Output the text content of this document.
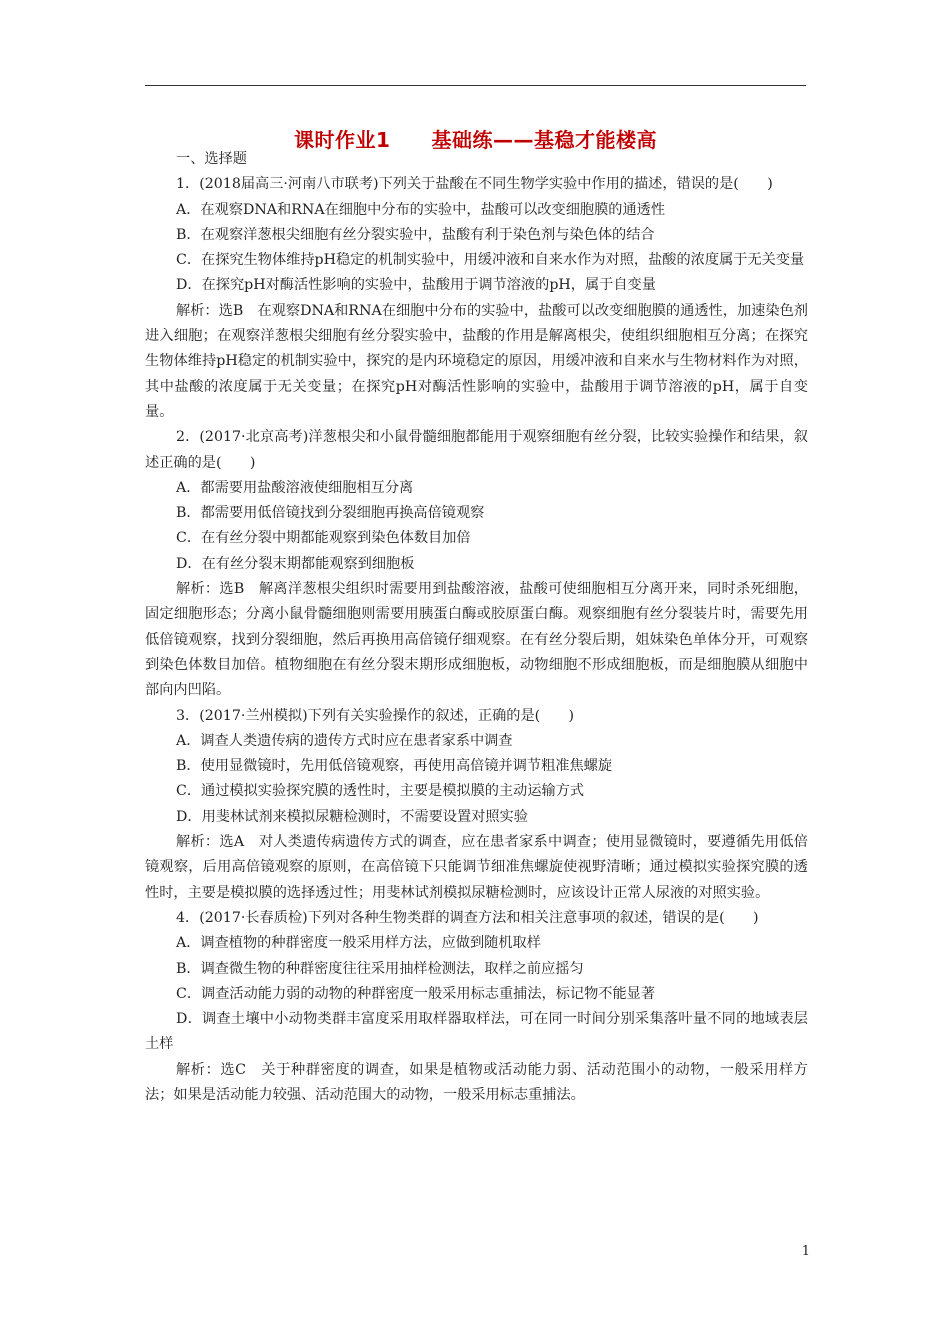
课时作业1　　基础练——基稳才能楼高

一、选择题

1．(2018届高三·河南八市联考)下列关于盐酸在不同生物学实验中作用的描述，错误的是(　　)

A．在观察DNA和RNA在细胞中分布的实验中，盐酸可以改变细胞膜的通透性

B．在观察洋葱根尖细胞有丝分裂实验中，盐酸有利于染色剂与染色体的结合

C．在探究生物体维持pH稳定的机制实验中，用缓冲液和自来水作为对照，盐酸的浓度属于无关变量

D．在探究pH对酶活性影响的实验中，盐酸用于调节溶液的pH，属于自变量

解析：选B　在观察DNA和RNA在细胞中分布的实验中，盐酸可以改变细胞膜的通透性，加速染色剂进入细胞；在观察洋葱根尖细胞有丝分裂实验中，盐酸的作用是解离根尖，使组织细胞相互分离；在探究生物体维持pH稳定的机制实验中，探究的是内环境稳定的原因，用缓冲液和自来水与生物材料作为对照，其中盐酸的浓度属于无关变量；在探究pH对酶活性影响的实验中，盐酸用于调节溶液的pH，属于自变量。

2．(2017·北京高考)洋葱根尖和小鼠骨髓细胞都能用于观察细胞有丝分裂，比较实验操作和结果，叙述正确的是(　　)

A．都需要用盐酸溶液使细胞相互分离

B．都需要用低倍镜找到分裂细胞再换高倍镜观察

C．在有丝分裂中期都能观察到染色体数目加倍

D．在有丝分裂末期都能观察到细胞板

解析：选B　解离洋葱根尖组织时需要用到盐酸溶液，盐酸可使细胞相互分离开来，同时杀死细胞，固定细胞形态；分离小鼠骨髓细胞则需要用胰蛋白酶或胶原蛋白酶。观察细胞有丝分裂装片时，需要先用低倍镜观察，找到分裂细胞，然后再换用高倍镜仔细观察。在有丝分裂后期，姐妹染色单体分开，可观察到染色体数目加倍。植物细胞在有丝分裂末期形成细胞板，动物细胞不形成细胞板，而是细胞膜从细胞中部向内凹陷。

3．(2017·兰州模拟)下列有关实验操作的叙述，正确的是(　　)

A．调查人类遗传病的遗传方式时应在患者家系中调查

B．使用显微镜时，先用低倍镜观察，再使用高倍镜并调节粗准焦螺旋

C．通过模拟实验探究膜的透性时，主要是模拟膜的主动运输方式

D．用斐林试剂来模拟尿糖检测时，不需要设置对照实验

解析：选A　对人类遗传病遗传方式的调查，应在患者家系中调查；使用显微镜时，要遵循先用低倍镜观察，后用高倍镜观察的原则，在高倍镜下只能调节细准焦螺旋使视野清晰；通过模拟实验探究膜的透性时，主要是模拟膜的选择透过性；用斐林试剂模拟尿糖检测时，应该设计正常人尿液的对照实验。

4．(2017·长春质检)下列对各种生物类群的调查方法和相关注意事项的叙述，错误的是(　　)

A．调查植物的种群密度一般采用样方法，应做到随机取样

B．调查微生物的种群密度往往采用抽样检测法，取样之前应摇匀

C．调查活动能力弱的动物的种群密度一般采用标志重捕法，标记物不能显著

D．调查土壤中小动物类群丰富度采用取样器取样法，可在同一时间分别采集落叶量不同的地域表层土样

解析：选C　关于种群密度的调查，如果是植物或活动能力弱、活动范围小的动物，一般采用样方法；如果是活动能力较强、活动范围大的动物，一般采用标志重捕法。

1
